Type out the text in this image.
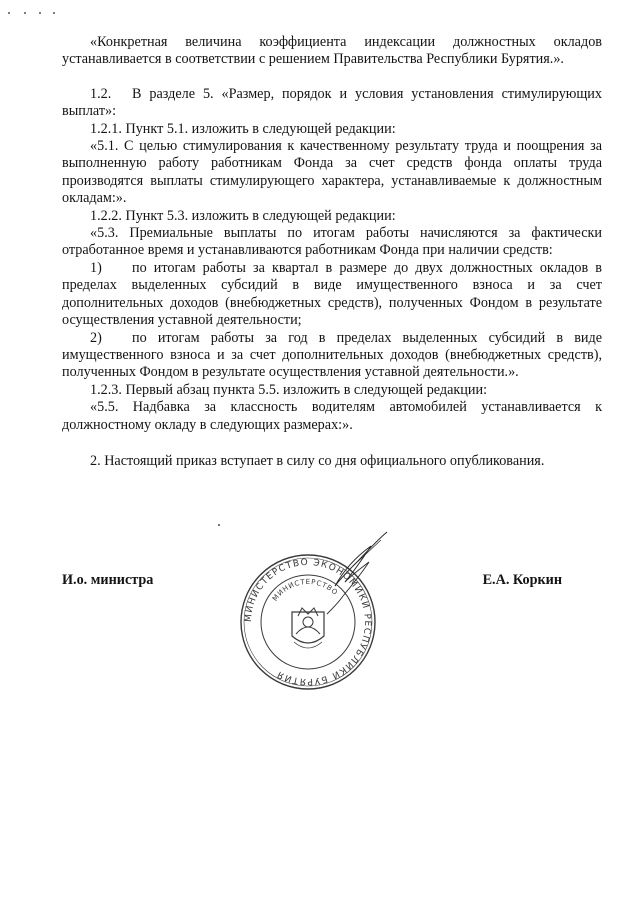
«Конкретная величина коэффициента индексации должностных окладов устанавливается в соответствии с решением Правительства Республики Бурятия.».

1.2. В разделе 5. «Размер, порядок и условия установления стимулирующих выплат»:

1.2.1. Пункт 5.1. изложить в следующей редакции:

«5.1. С целью стимулирования к качественному результату труда и поощрения за выполненную работу работникам Фонда за счет средств фонда оплаты труда производятся выплаты стимулирующего характера, устанавливаемые к должностным окладам:».

1.2.2. Пункт 5.3. изложить в следующей редакции:

«5.3. Премиальные выплаты по итогам работы начисляются за фактически отработанное время и устанавливаются работникам Фонда при наличии средств:

1) по итогам работы за квартал в размере до двух должностных окладов в пределах выделенных субсидий в виде имущественного взноса и за счет дополнительных доходов (внебюджетных средств), полученных Фондом в результате осуществления уставной деятельности;

2) по итогам работы за год в пределах выделенных субсидий в виде имущественного взноса и за счет дополнительных доходов (внебюджетных средств), полученных Фондом в результате осуществления уставной деятельности.».

1.2.3. Первый абзац пункта 5.5. изложить в следующей редакции:

«5.5. Надбавка за классность водителям автомобилей устанавливается к должностному окладу в следующих размерах:».

2. Настоящий приказ вступает в силу со дня официального опубликования.

МИНИСТЕРСТВО ЭКОНОМИКИ РЕСПУБЛИКИ БУРЯТИЯ
МИНИСТЕРСТВО
И.о. министра	Е.А. Коркин
